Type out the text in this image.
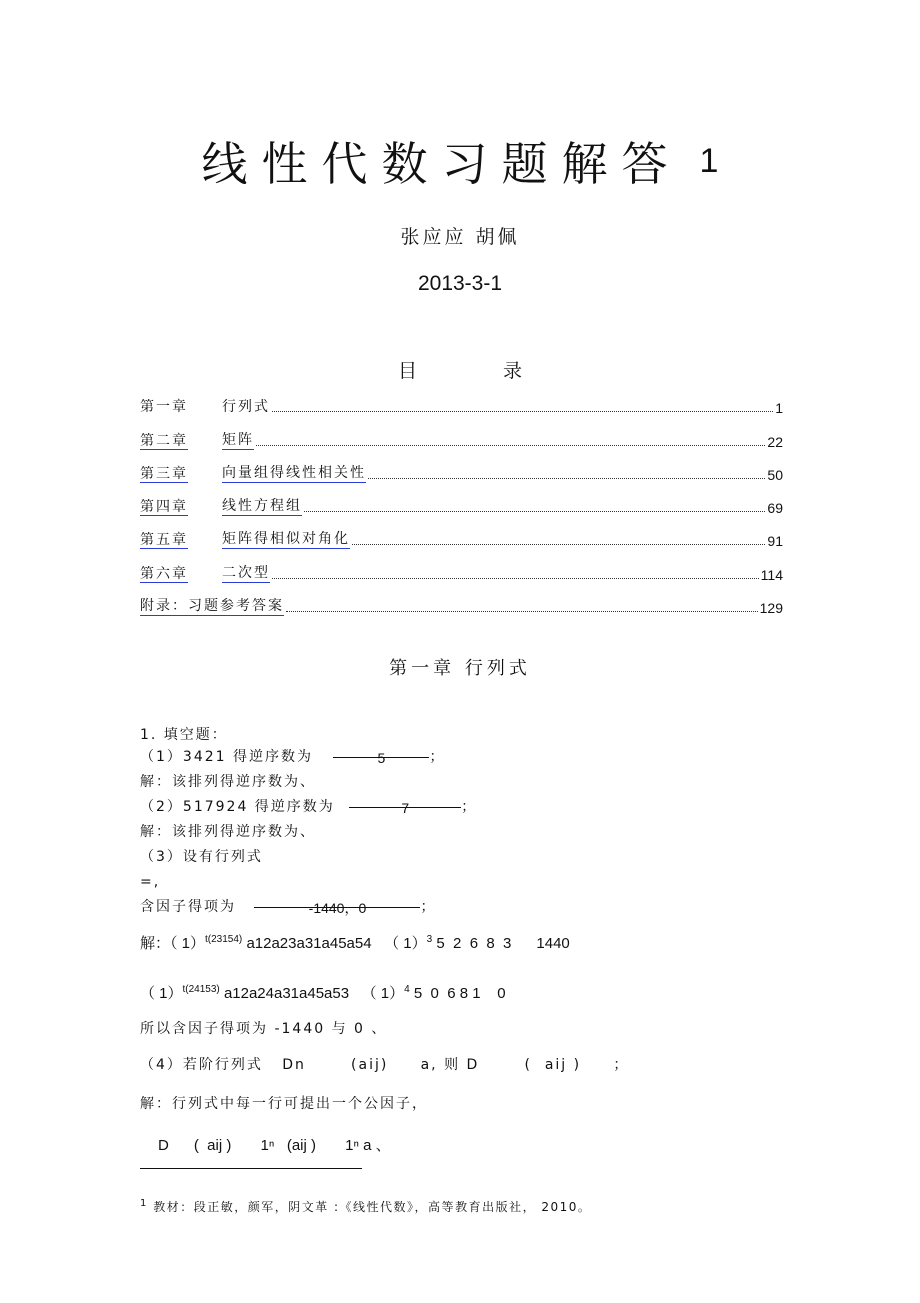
线性代数习题解答 $^1$
张应应 胡佩
2013-3-1
目 录
第一章	行列式	1
第二章	矩阵	22
第三章	向量组得线性相关性	50
第四章	线性方程组	69
第五章	矩阵得相似对角化	91
第六章	二次型	114
附录：习题参考答案	129
第一章 行列式
1. 填空题：
（1）3421 得逆序数为	5	；
解：该排列得逆序数为、
（2）517924 得逆序数为	7	；
解：该排列得逆序数为、
（3）设有行列式
=,
含因子得项为	-1440，0	；
解：（ 1）$^{t(23154)}$ a12a23a31a45a54 （ 1）$^3$ 5  2  6  8  3      1440
（ 1）$^{t(24153)}$ a12a24a31a45a53 （ 1）$^4$ 5  0  6 8 1    0
所以含因子得项为 -1440 与 0 、
（4）若阶行列式   Dn       (aij)     a, 则 D       (  aij )     ；
解：行列式中每一行可提出一个公因子，
D      (  aij )       1ⁿ   (aij )       1ⁿ a 、
$^1$ 教材：段正敏，颜军，阴文革 :《线性代数》，高等教育出版社， 2010。
